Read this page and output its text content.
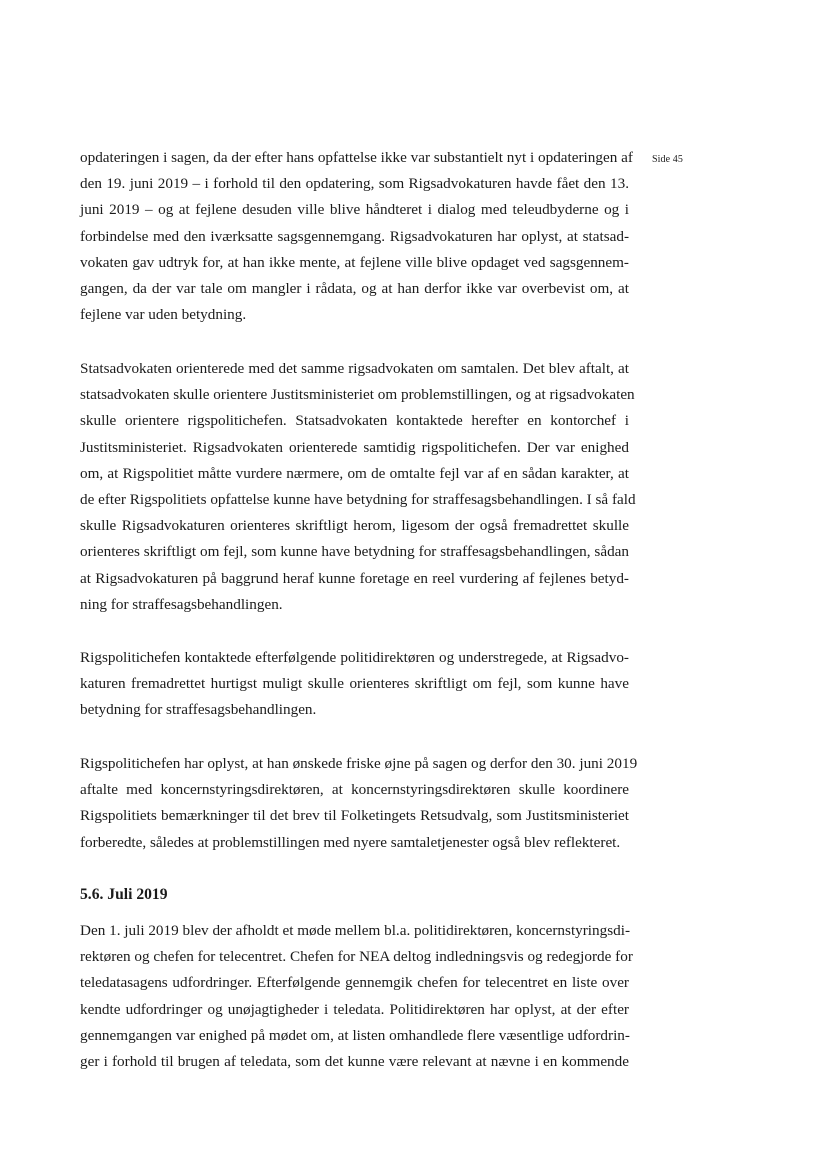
Side 45
opdateringen i sagen, da der efter hans opfattelse ikke var substantielt nyt i opdateringen af
den 19. juni 2019 – i forhold til den opdatering, som Rigsadvokaturen havde fået den 13.
juni 2019 – og at fejlene desuden ville blive håndteret i dialog med teleudbyderne og i
forbindelse med den iværksatte sagsgennemgang. Rigsadvokaturen har oplyst, at statsad-
vokaten gav udtryk for, at han ikke mente, at fejlene ville blive opdaget ved sagsgennem-
gangen, da der var tale om mangler i rådata, og at han derfor ikke var overbevist om, at
fejlene var uden betydning.
Statsadvokaten orienterede med det samme rigsadvokaten om samtalen. Det blev aftalt, at
statsadvokaten skulle orientere Justitsministeriet om problemstillingen, og at rigsadvokaten
skulle orientere rigspolitichefen. Statsadvokaten kontaktede herefter en kontorchef i
Justitsministeriet. Rigsadvokaten orienterede samtidig rigspolitichefen. Der var enighed
om, at Rigspolitiet måtte vurdere nærmere, om de omtalte fejl var af en sådan karakter, at
de efter Rigspolitiets opfattelse kunne have betydning for straffesagsbehandlingen. I så fald
skulle Rigsadvokaturen orienteres skriftligt herom, ligesom der også fremadrettet skulle
orienteres skriftligt om fejl, som kunne have betydning for straffesagsbehandlingen, sådan
at Rigsadvokaturen på baggrund heraf kunne foretage en reel vurdering af fejlenes betyd-
ning for straffesagsbehandlingen.
Rigspolitichefen kontaktede efterfølgende politidirektøren og understregede, at Rigsadvo-
katuren fremadrettet hurtigst muligt skulle orienteres skriftligt om fejl, som kunne have
betydning for straffesagsbehandlingen.
Rigspolitichefen har oplyst, at han ønskede friske øjne på sagen og derfor den 30. juni 2019
aftalte med koncernstyringsdirektøren, at koncernstyringsdirektøren skulle koordinere
Rigspolitiets bemærkninger til det brev til Folketingets Retsudvalg, som Justitsministeriet
forberedte, således at problemstillingen med nyere samtaletjenester også blev reflekteret.
5.6. Juli 2019
Den 1. juli 2019 blev der afholdt et møde mellem bl.a. politidirektøren, koncernstyringsdi-
rektøren og chefen for telecentret. Chefen for NEA deltog indledningsvis og redegjorde for
teledatasagens udfordringer. Efterfølgende gennemgik chefen for telecentret en liste over
kendte udfordringer og unøjagtigheder i teledata. Politidirektøren har oplyst, at der efter
gennemgangen var enighed på mødet om, at listen omhandlede flere væsentlige udfordrin-
ger i forhold til brugen af teledata, som det kunne være relevant at nævne i en kommende
